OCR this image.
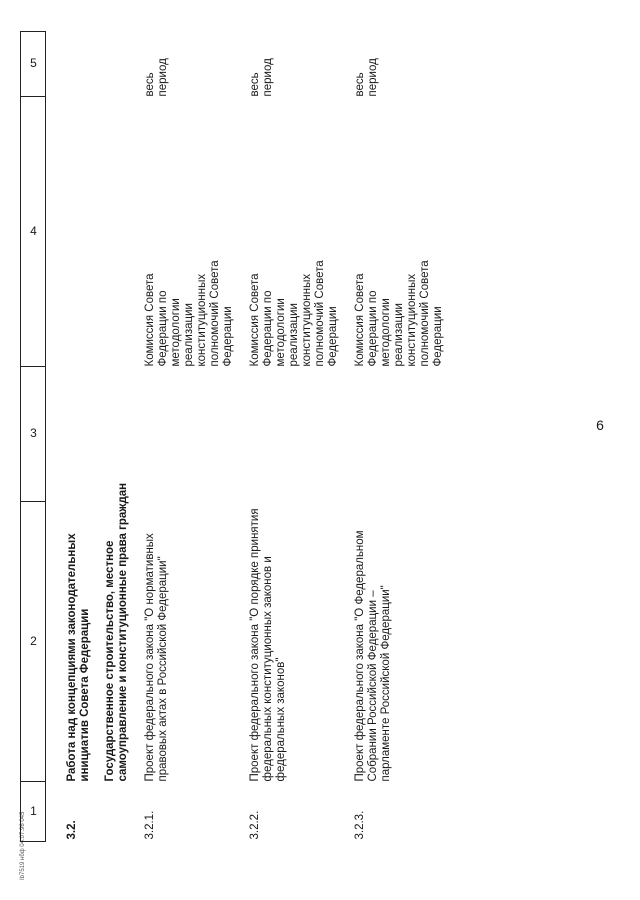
Ib7519 нбф 04.07.96 045
6
1	2	3	4	5
3.2.	Работа над концепциями законодательных инициатив Совета Федерации Государственное строительство, местное самоуправление и конституционные права граждан			

3.2.1.	Проект федерального закона "О нормативных правовых актах в Российской Федерации"		Комиссия Совета Федерации по методологии реализации конституционных полномочий Совета Федерации	весь период

3.2.2.	Проект федерального закона "О порядке принятия федеральных конституционных законов и федеральных законов"		Комиссия Совета Федерации по методологии реализации конституционных полномочий Совета Федерации	весь период

3.2.3.	Проект федерального закона "О Федеральном Собрании Российской Федерации – парламенте Российской Федерации"		Комиссия Совета Федерации по методологии реализации конституционных полномочий Совета Федерации	весь период
